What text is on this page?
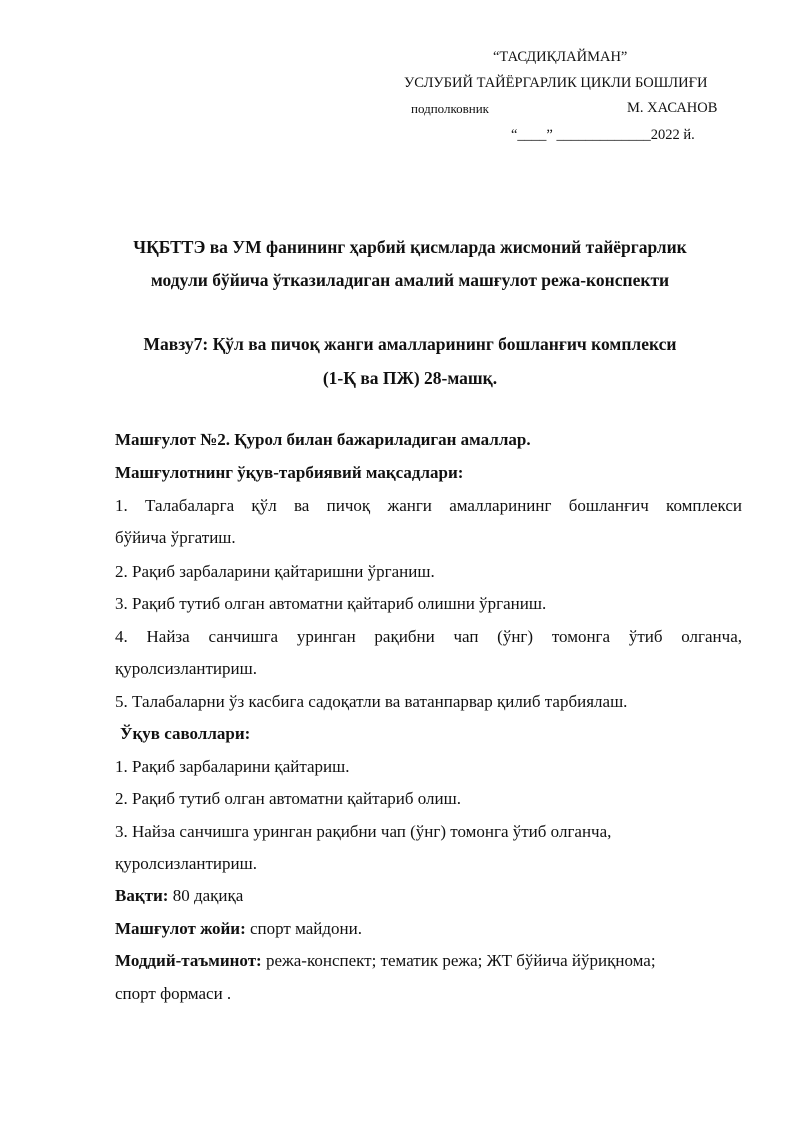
“ТАСДИҚЛАЙМАН”
УСЛУБИЙ ТАЙЁРГАРЛИК ЦИКЛИ БОШЛИҒИ
подполковник	М. ХАСАНОВ
“____” _____________2022 й.
ЧҚБТТЭ ва УМ фанининг ҳарбий қисмларда жисмоний тайёргарлик
модули бўйича ўтказиладиган амалий машғулот режа-конспекти
Мавзу7: Қўл ва пичоқ жанги амалларининг бошланғич комплекси
(1-Қ ва ПЖ) 28-машқ.
Машғулот №2. Қурол билан бажариладиган амаллар.
Машғулотнинг ўқув-тарбиявий мақсадлари:
1. Талабаларга қўл ва пичоқ жанги амалларининг бошланғич комплекси
бўйича ўргатиш.
2. Рақиб зарбаларини қайтаришни ўрганиш.
3. Рақиб тутиб олган автоматни қайтариб олишни ўрганиш.
4. Найза санчишга уринган рақибни чап (ўнг) томонга ўтиб олганча,
қуролсизлантириш.
5. Талабаларни ўз касбига садоқатли ва ватанпарвар қилиб тарбиялаш.
Ўқув саволлари:
1. Рақиб зарбаларини қайтариш.
2. Рақиб тутиб олган автоматни қайтариб олиш.
3. Найза санчишга уринган рақибни чап (ўнг) томонга ўтиб олганча,
қуролсизлантириш.
Вақти: 80 дақиқа
Машғулот жойи: спорт майдони.
Моддий-таъминот: режа-конспект; тематик режа; ЖТ бўйича йўриқнома;
спорт формаси .
